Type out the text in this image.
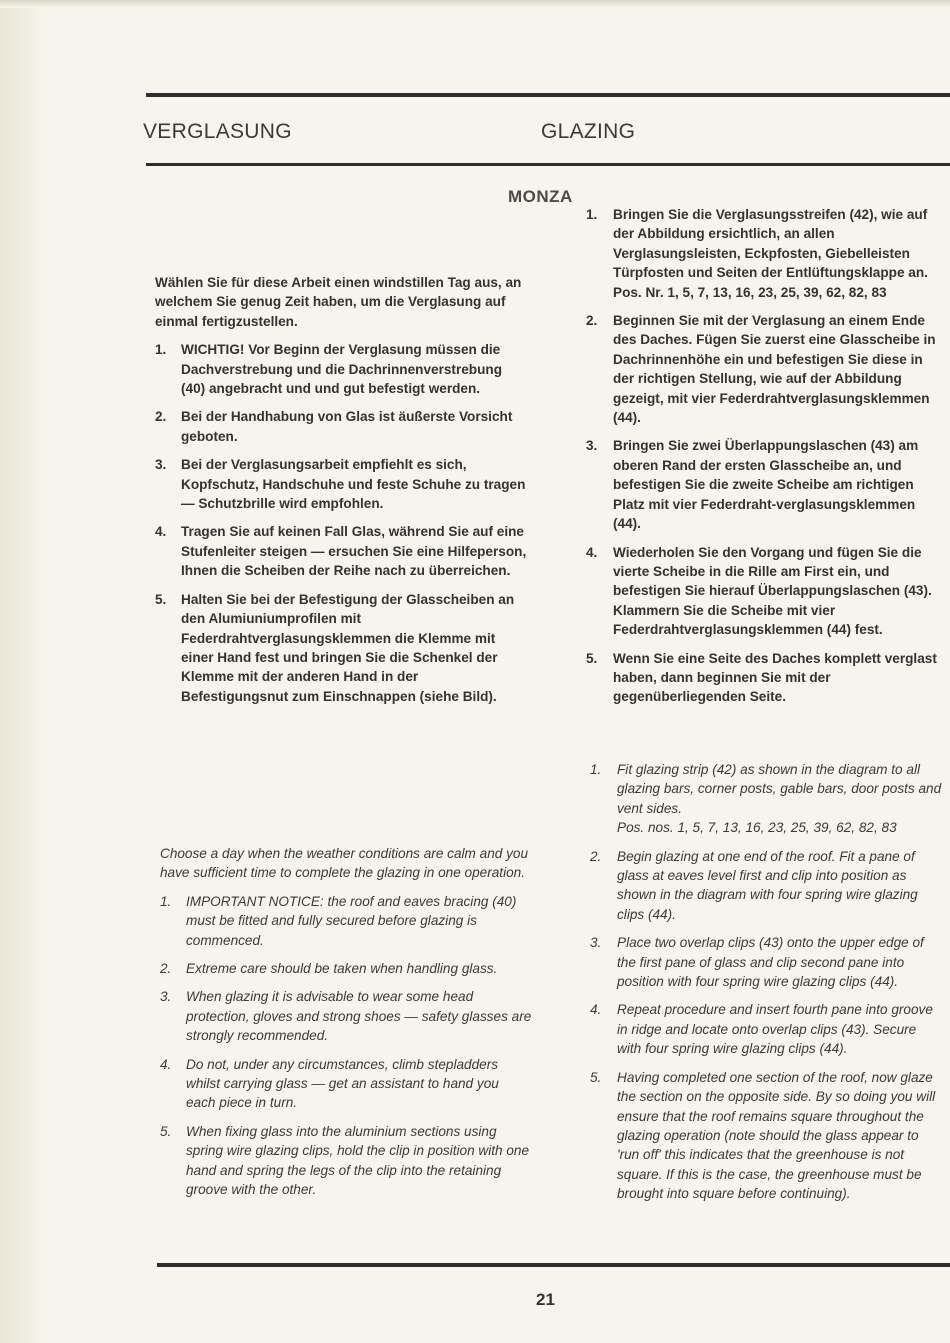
VERGLASUNG	GLAZING
MONZA

Wählen Sie für diese Arbeit einen windstillen Tag aus, an welchem Sie genug Zeit haben, um die Verglasung auf einmal fertigzustellen.

1. WICHTIG! Vor Beginn der Verglasung müssen die Dachverstrebung und die Dachrinnenverstrebung (40) angebracht und und gut befestigt werden.
2. Bei der Handhabung von Glas ist äußerste Vorsicht geboten.
3. Bei der Verglasungsarbeit empfiehlt es sich, Kopfschutz, Handschuhe und feste Schuhe zu tragen — Schutzbrille wird empfohlen.
4. Tragen Sie auf keinen Fall Glas, während Sie auf eine Stufenleiter steigen — ersuchen Sie eine Hilfeperson, Ihnen die Scheiben der Reihe nach zu überreichen.
5. Halten Sie bei der Befestigung der Glasscheiben an den Alumiuniumprofilen mit Federdrahtverglasungsklemmen die Klemme mit einer Hand fest und bringen Sie die Schenkel der Klemme mit der anderen Hand in der Befestigungsnut zum Einschnappen (siehe Bild).

Choose a day when the weather conditions are calm and you have sufficient time to complete the glazing in one operation.

1. IMPORTANT NOTICE: the roof and eaves bracing (40) must be fitted and fully secured before glazing is commenced.
2. Extreme care should be taken when handling glass.
3. When glazing it is advisable to wear some head protection, gloves and strong shoes — safety glasses are strongly recommended.
4. Do not, under any circumstances, climb stepladders whilst carrying glass — get an assistant to hand you each piece in turn.
5. When fixing glass into the aluminium sections using spring wire glazing clips, hold the clip in position with one hand and spring the legs of the clip into the retaining groove with the other.
1. Bringen Sie die Verglasungsstreifen (42), wie auf der Abbildung ersichtlich, an allen Verglasungsleisten, Eckpfosten, Giebelleisten Türpfosten und Seiten der Entlüftungsklappe an.
Pos. Nr. 1, 5, 7, 13, 16, 23, 25, 39, 62, 82, 83
2. Beginnen Sie mit der Verglasung an einem Ende des Daches. Fügen Sie zuerst eine Glasscheibe in Dachrinnenhöhe ein und befestigen Sie diese in der richtigen Stellung, wie auf der Abbildung gezeigt, mit vier Federdrahtverglasungsklemmen (44).
3. Bringen Sie zwei Überlappungslaschen (43) am oberen Rand der ersten Glasscheibe an, und befestigen Sie die zweite Scheibe am richtigen Platz mit vier Federdraht-verglasungsklemmen (44).
4. Wiederholen Sie den Vorgang und fügen Sie die vierte Scheibe in die Rille am First ein, und befestigen Sie hierauf Überlappungslaschen (43).
Klammern Sie die Scheibe mit vier Federdrahtverglasungsklemmen (44) fest.
5. Wenn Sie eine Seite des Daches komplett verglast haben, dann beginnen Sie mit der gegenüberliegenden Seite.
1. Fit glazing strip (42) as shown in the diagram to all glazing bars, corner posts, gable bars, door posts and vent sides.
Pos. nos. 1, 5, 7, 13, 16, 23, 25, 39, 62, 82, 83
2. Begin glazing at one end of the roof. Fit a pane of glass at eaves level first and clip into position as shown in the diagram with four spring wire glazing clips (44).
3. Place two overlap clips (43) onto the upper edge of the first pane of glass and clip second pane into position with four spring wire glazing clips (44).
4. Repeat procedure and insert fourth pane into groove in ridge and locate onto overlap clips (43). Secure with four spring wire glazing clips (44).
5. Having completed one section of the roof, now glaze the section on the opposite side. By so doing you will ensure that the roof remains square throughout the glazing operation (note should the glass appear to 'run off' this indicates that the greenhouse is not square. If this is the case, the greenhouse must be brought into square before continuing).
21
